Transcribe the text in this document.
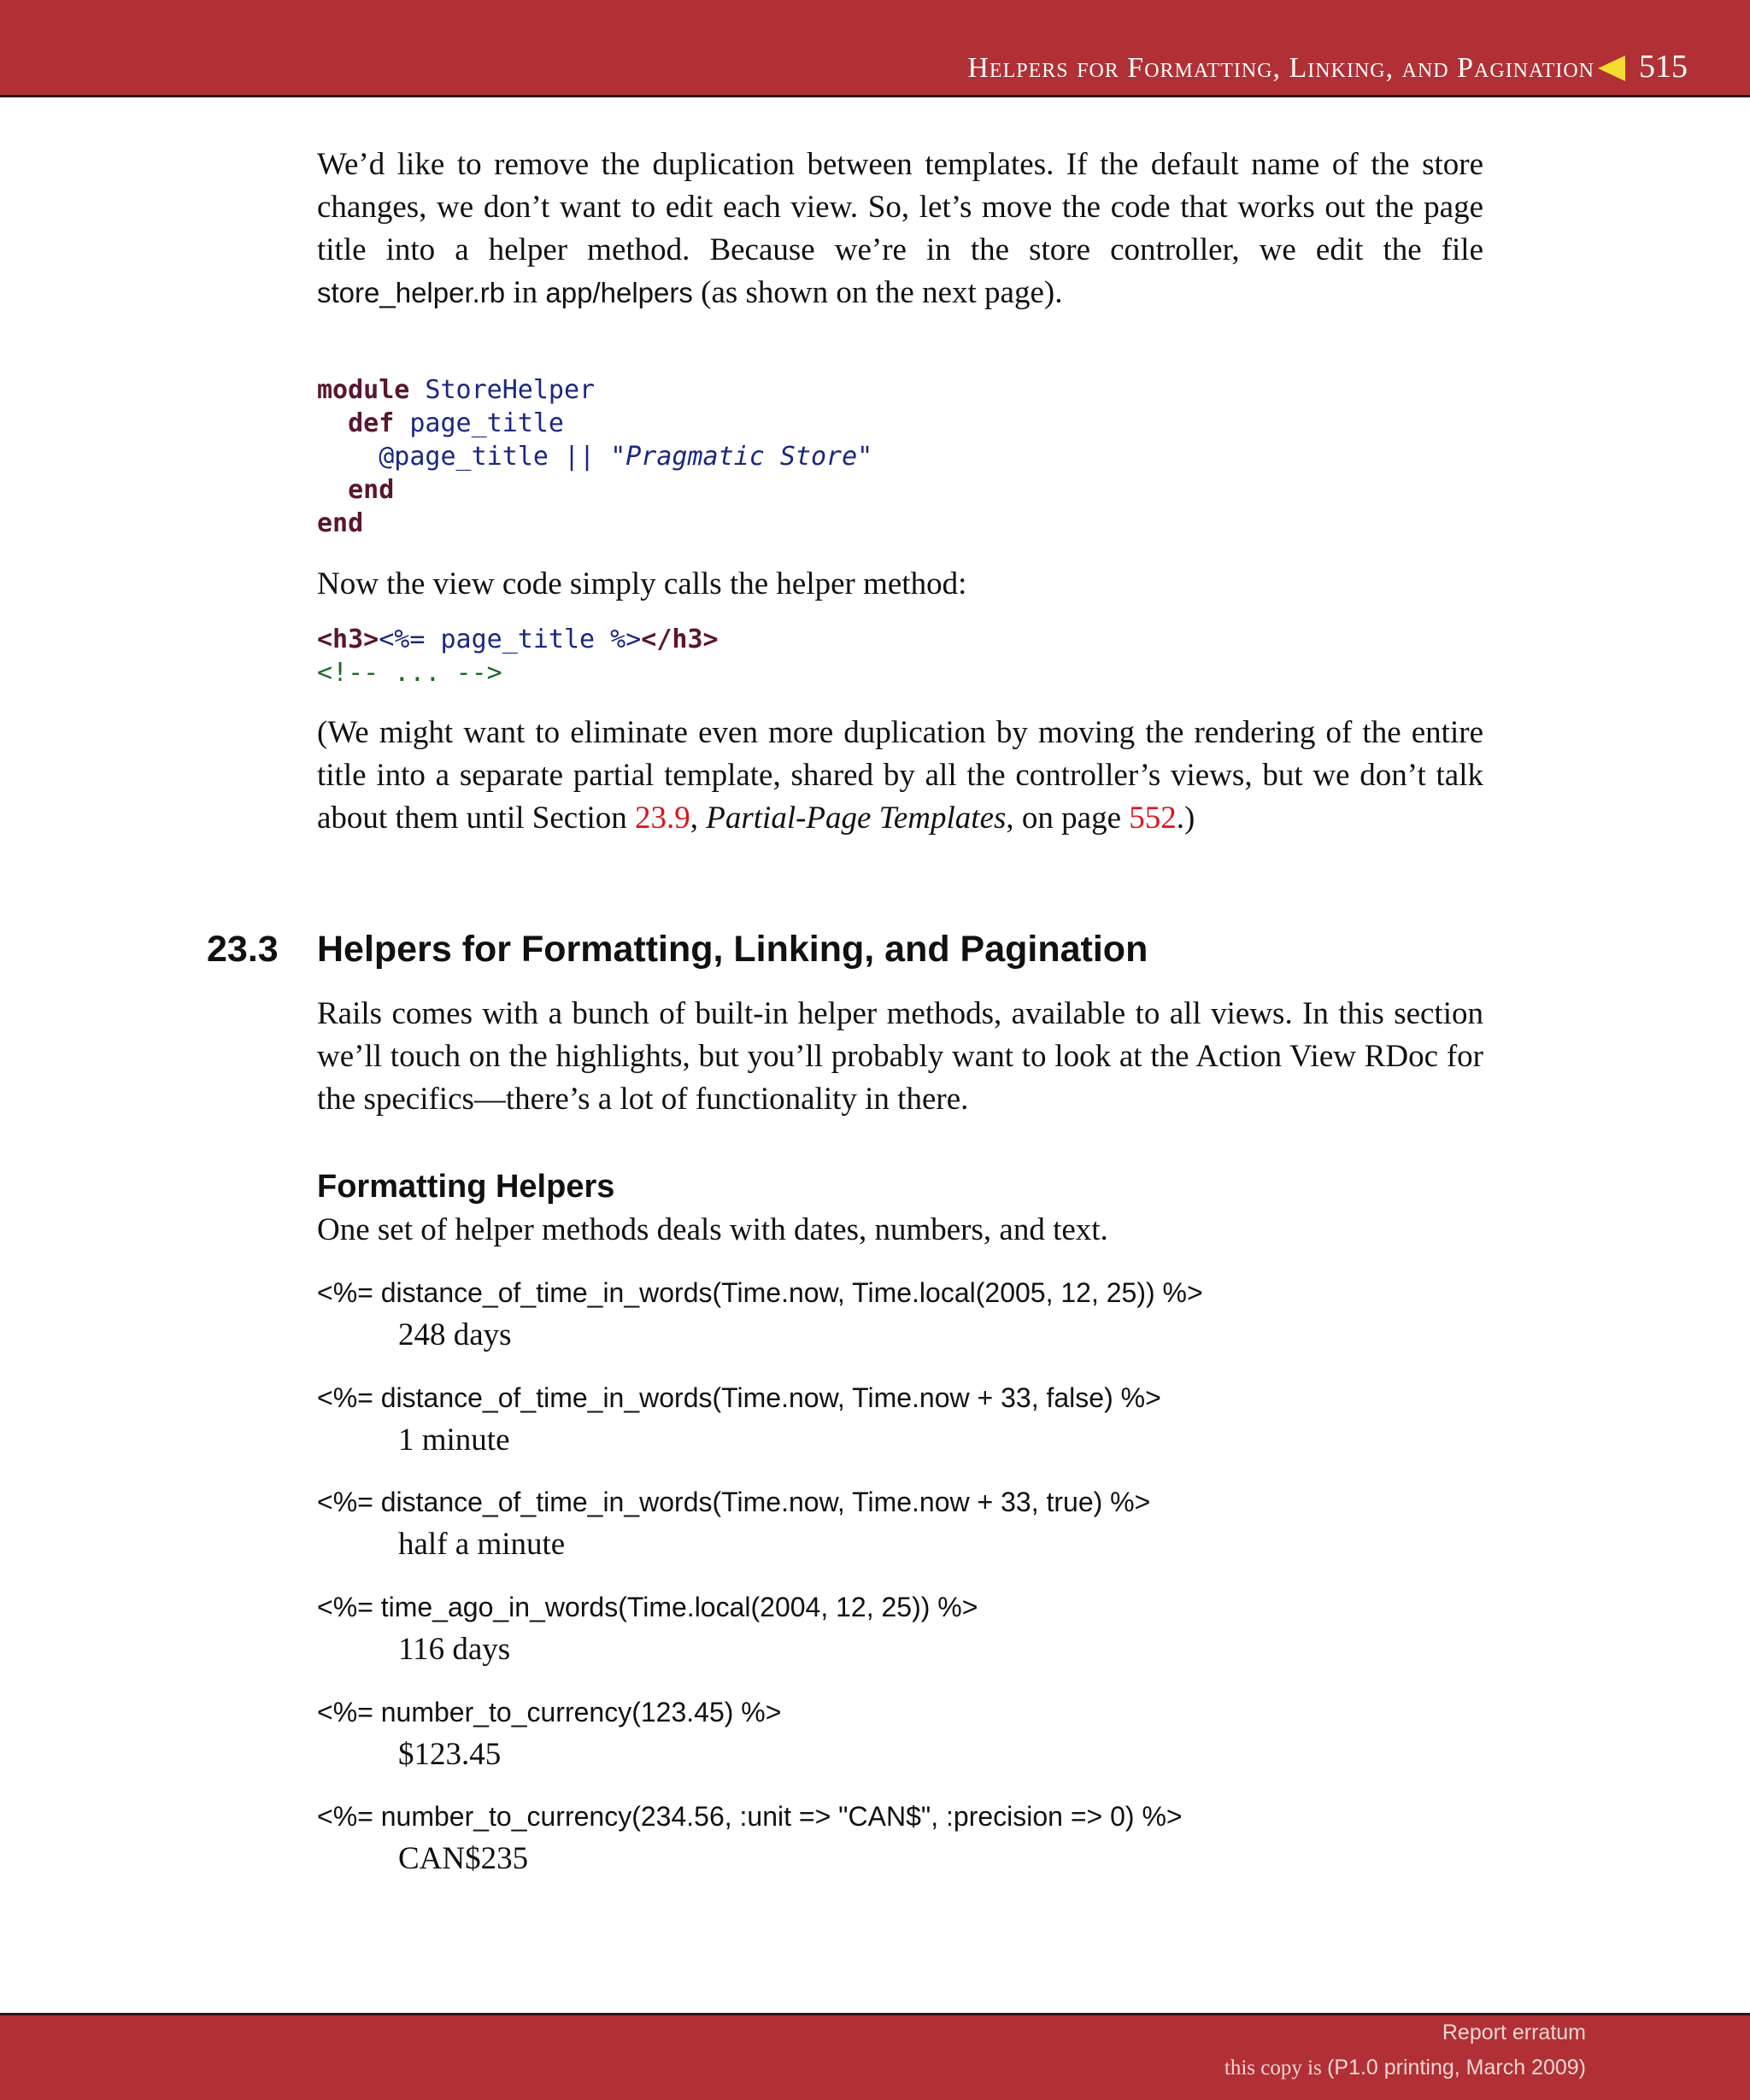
Helpers for Formatting, Linking, and Pagination 515

We’d like to remove the duplication between templates. If the default name of the store changes, we don’t want to edit each view. So, let’s move the code that works out the page title into a helper method. Because we’re in the store controller, we edit the file store_helper.rb in app/helpers (as shown on the next page).

module StoreHelper
def page_title
@page_title || "Pragmatic Store"
end
end

Now the view code simply calls the helper method:

<h3><%= page_title %></h3>
<!-- ... -->

(We might want to eliminate even more duplication by moving the rendering of the entire title into a separate partial template, shared by all the controller’s views, but we don’t talk about them until Section 23.9, Partial-Page Templates, on page 552.)

23.3 Helpers for Formatting, Linking, and Pagination

Rails comes with a bunch of built-in helper methods, available to all views. In this section we’ll touch on the highlights, but you’ll probably want to look at the Action View RDoc for the specifics—there’s a lot of functionality in there.

Formatting Helpers

One set of helper methods deals with dates, numbers, and text.

<%= distance_of_time_in_words(Time.now, Time.local(2005, 12, 25)) %>
248 days
<%= distance_of_time_in_words(Time.now, Time.now + 33, false) %>
1 minute
<%= distance_of_time_in_words(Time.now, Time.now + 33, true) %>
half a minute
<%= time_ago_in_words(Time.local(2004, 12, 25)) %>
116 days
<%= number_to_currency(123.45) %>
$123.45
<%= number_to_currency(234.56, :unit => "CAN$", :precision => 0) %>
CAN$235
Report erratum
this copy is (P1.0 printing, March 2009)
